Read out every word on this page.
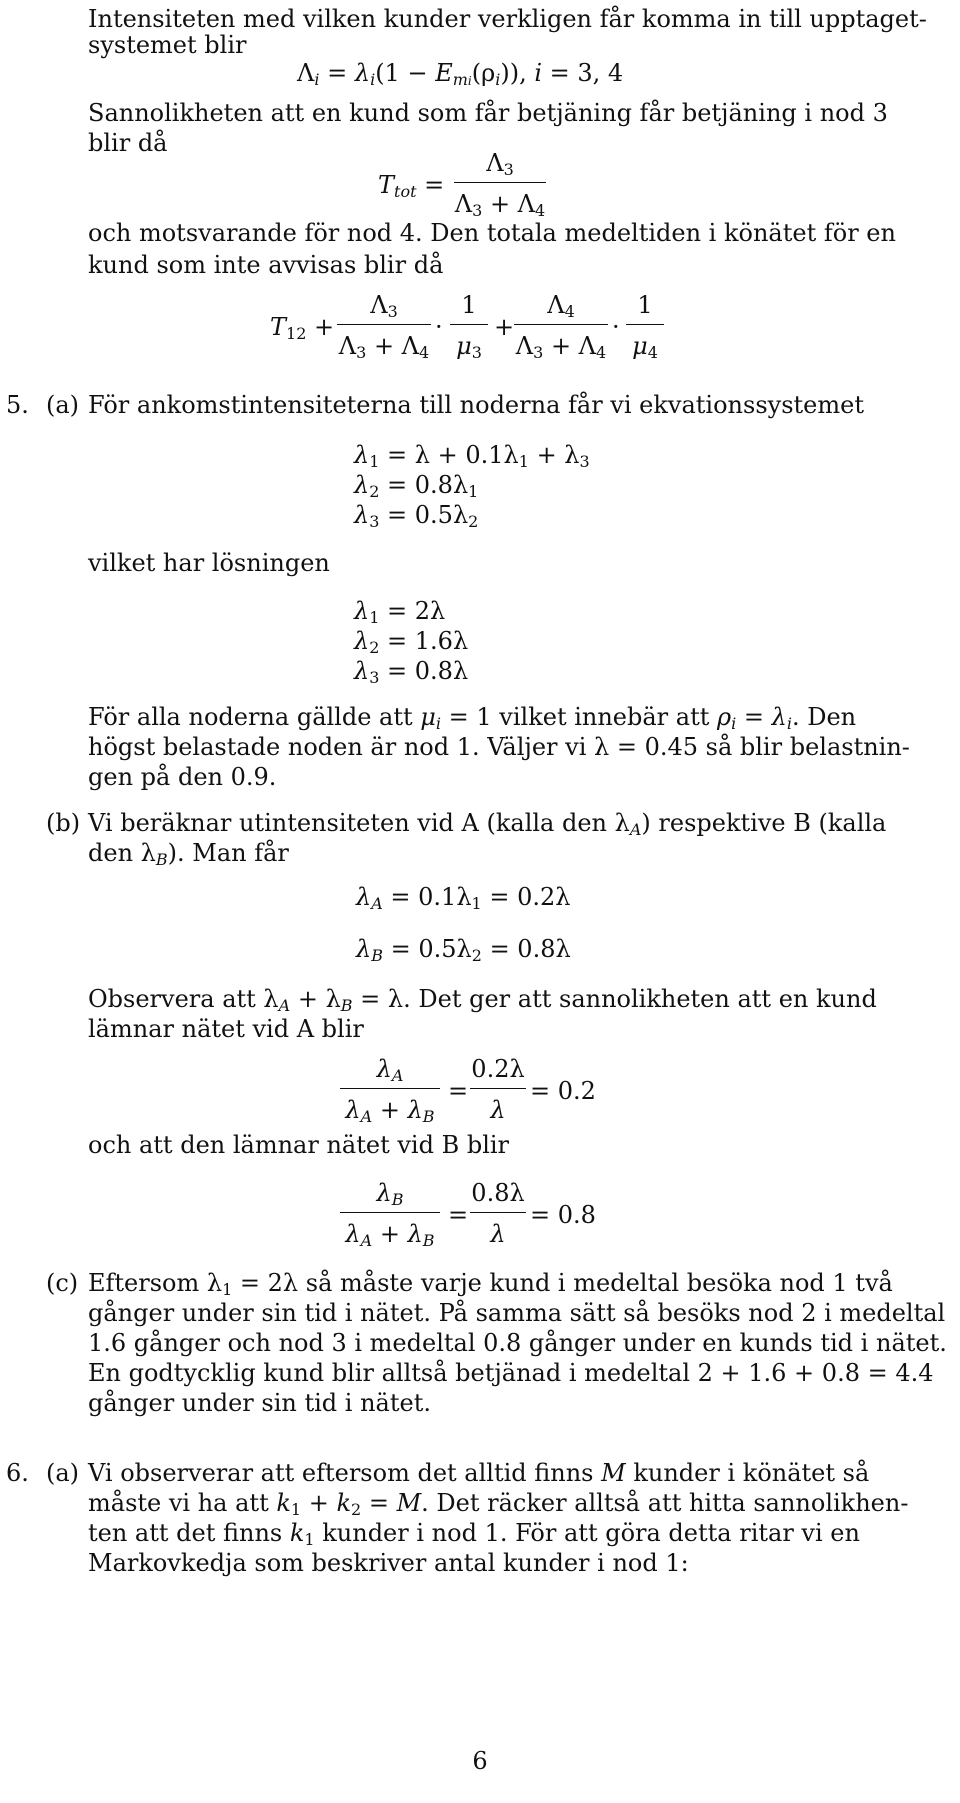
Intensiteten med vilken kunder verkligen får komma in till upptaget-
systemet blir
$\Lambda_i = \lambda_i(1 - E_{mi}(\rho_i))$, i = 3, 4
Sannolikheten att en kund som får betjäning får betjäning i nod 3
blir då
$T_{tot}$ =
$\Lambda_3$
$\Lambda_3 + \Lambda_4$
och motsvarande för nod 4. Den totala medeltiden i könätet för en
kund som inte avvisas blir då
$T_{12}$ +
$\Lambda_3$
$\Lambda_3 + \Lambda_4$
·
1
$\mu_3$
+
$\Lambda_4$
$\Lambda_3 + \Lambda_4$
·
1
$\mu_4$
5. (a) För ankomstintensiteterna till noderna får vi ekvationssystemet
$\lambda_1 = \lambda + 0.1\lambda_1 + \lambda_3$
$\lambda_2 = 0.8\lambda_1$
$\lambda_3 = 0.5\lambda_2$
vilket har lösningen
$\lambda_1 = 2\lambda$
$\lambda_2 = 1.6\lambda$
$\lambda_3 = 0.8\lambda$
För alla noderna gällde att $\mu_i = 1$ vilket innebär att $\rho_i = \lambda_i$. Den
högst belastade noden är nod 1. Väljer vi λ = 0.45 så blir belastnin-
gen på den 0.9.
(b) Vi beräknar utintensiteten vid A (kalla den $\lambda_A$) respektive B (kalla
den $\lambda_B$). Man får
$\lambda_A = 0.1\lambda_1 = 0.2\lambda$
$\lambda_B = 0.5\lambda_2 = 0.8\lambda$
Observera att $\lambda_A + \lambda_B = \lambda$. Det ger att sannolikheten att en kund
lämnar nätet vid A blir
$\lambda_A$
$\lambda_A + \lambda_B$
=
0.2λ
λ
= 0.2
och att den lämnar nätet vid B blir
$\lambda_B$
$\lambda_A + \lambda_B$
=
0.8λ
λ
= 0.8
(c) Eftersom $\lambda_1 = 2\lambda$ så måste varje kund i medeltal besöka nod 1 två
gånger under sin tid i nätet. På samma sätt så besöks nod 2 i medeltal
1.6 gånger och nod 3 i medeltal 0.8 gånger under en kunds tid i nätet.
En godtycklig kund blir alltså betjänad i medeltal 2 + 1.6 + 0.8 = 4.4
gånger under sin tid i nätet.
6. (a) Vi observerar att eftersom det alltid finns M kunder i könätet så
måste vi ha att $k_1 + k_2 = M$. Det räcker alltså att hitta sannolikhen-
ten att det finns $k_1$ kunder i nod 1. För att göra detta ritar vi en
Markovkedja som beskriver antal kunder i nod 1:
6
